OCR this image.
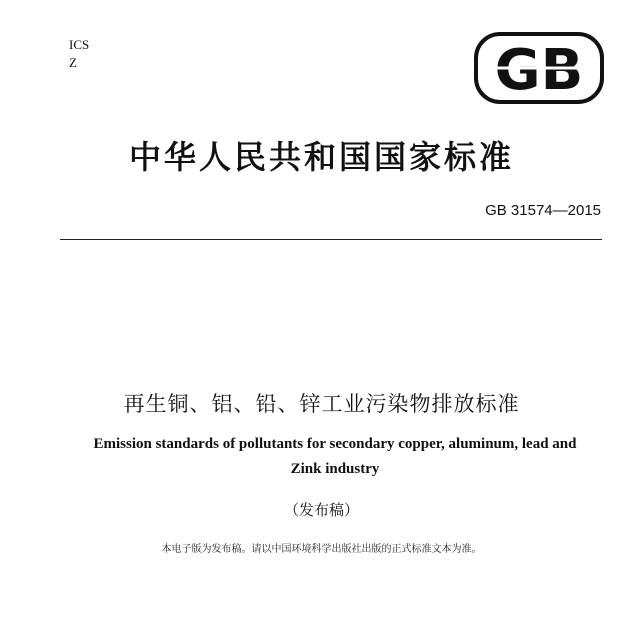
ICS
Z	GB
中华人民共和国国家标准
GB 31574—2015
再生铜、铝、铅、锌工业污染物排放标准
Emission standards of pollutants for secondary copper, aluminum, lead and
Zink industry
（发布稿）
本电子版为发布稿。请以中国环境科学出版社出版的正式标准文本为准。
